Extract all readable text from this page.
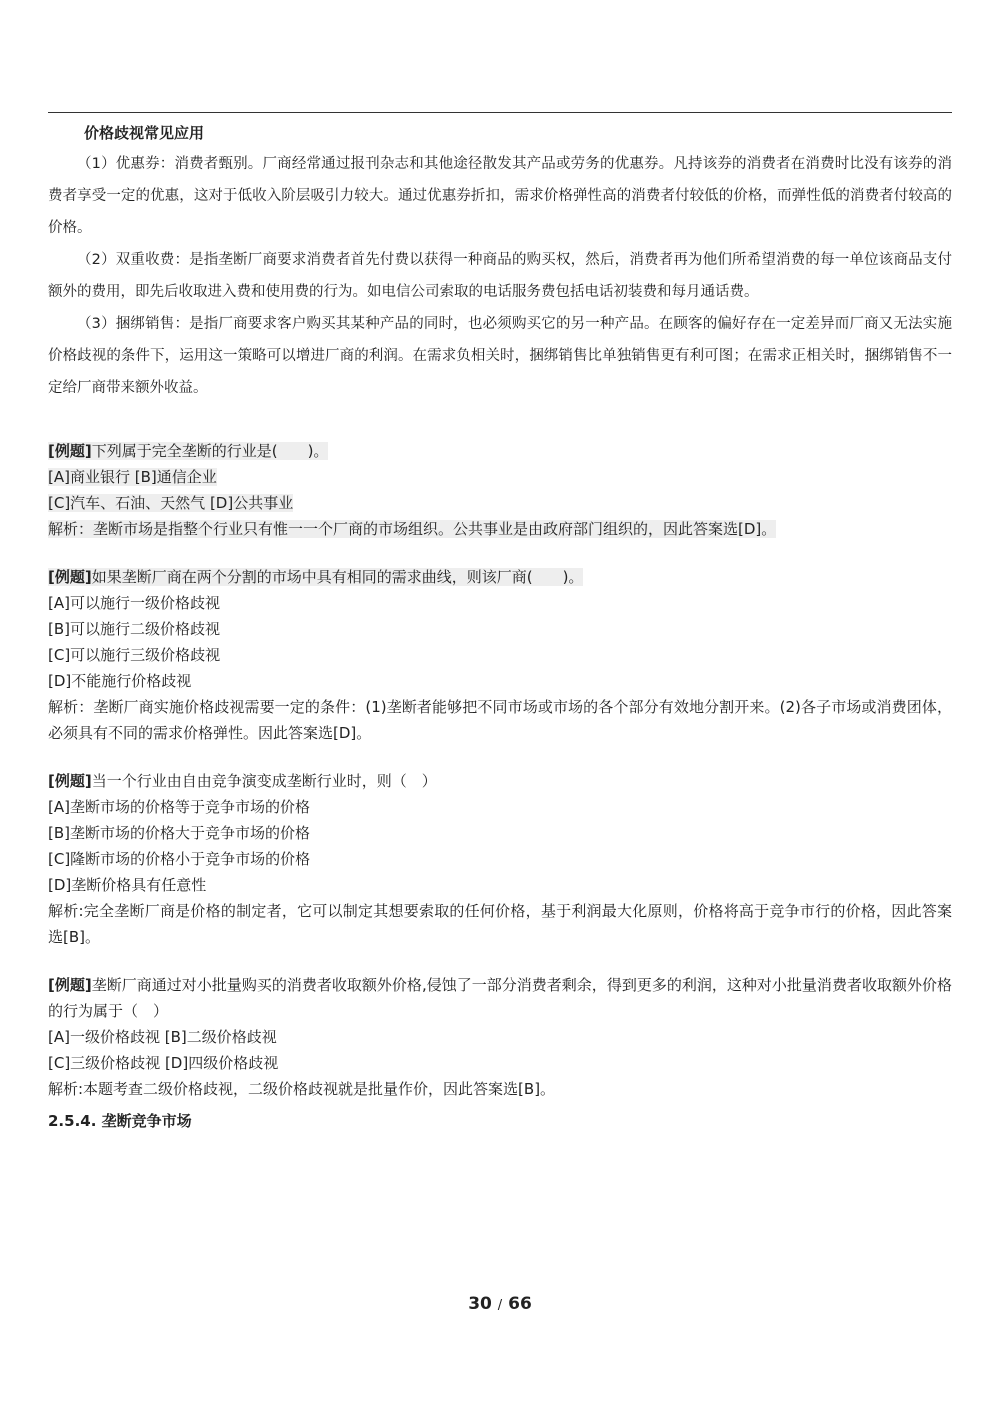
价格歧视常见应用

（1）优惠券：消费者甄别。厂商经常通过报刊杂志和其他途径散发其产品或劳务的优惠券。凡持该券的消费者在消费时比没有该券的消费者享受一定的优惠，这对于低收入阶层吸引力较大。通过优惠券折扣，需求价格弹性高的消费者付较低的价格，而弹性低的消费者付较高的价格。

（2）双重收费：是指垄断厂商要求消费者首先付费以获得一种商品的购买权，然后，消费者再为他们所希望消费的每一单位该商品支付额外的费用，即先后收取进入费和使用费的行为。如电信公司索取的电话服务费包括电话初装费和每月通话费。

（3）捆绑销售：是指厂商要求客户购买其某种产品的同时，也必须购买它的另一种产品。在顾客的偏好存在一定差异而厂商又无法实施价格歧视的条件下，运用这一策略可以增进厂商的利润。在需求负相关时，捆绑销售比单独销售更有利可图；在需求正相关时，捆绑销售不一定给厂商带来额外收益。

[例题]下列属于完全垄断的行业是(　　)。
[A]商业银行 [B]通信企业
[C]汽车、石油、天然气 [D]公共事业
解析：垄断市场是指整个行业只有惟一一个厂商的市场组织。公共事业是由政府部门组织的，因此答案选[D]。
[例题]如果垄断厂商在两个分割的市场中具有相同的需求曲线，则该厂商(　　)。
[A]可以施行一级价格歧视
[B]可以施行二级价格歧视
[C]可以施行三级价格歧视
[D]不能施行价格歧视
解析：垄断厂商实施价格歧视需要一定的条件：(1)垄断者能够把不同市场或市场的各个部分有效地分割开来。(2)各子市场或消费团体，必须具有不同的需求价格弹性。因此答案选[D]。
[例题]当一个行业由自由竞争演变成垄断行业时，则（　）
[A]垄断市场的价格等于竞争市场的价格
[B]垄断市场的价格大于竞争市场的价格
[C]隆断市场的价格小于竞争市场的价格
[D]垄断价格具有任意性
解析:完全垄断厂商是价格的制定者，它可以制定其想要索取的任何价格，基于利润最大化原则，价格将高于竞争市行的价格，因此答案选[B]。
[例题]垄断厂商通过对小批量购买的消费者收取额外价格,侵蚀了一部分消费者剩余，得到更多的利润，这种对小批量消费者收取额外价格的行为属于（　）
[A]一级价格歧视 [B]二级价格歧视
[C]三级价格歧视 [D]四级价格歧视
解析:本题考查二级价格歧视，二级价格歧视就是批量作价，因此答案选[B]。
2.5.4. 垄断竞争市场
30 / 66
